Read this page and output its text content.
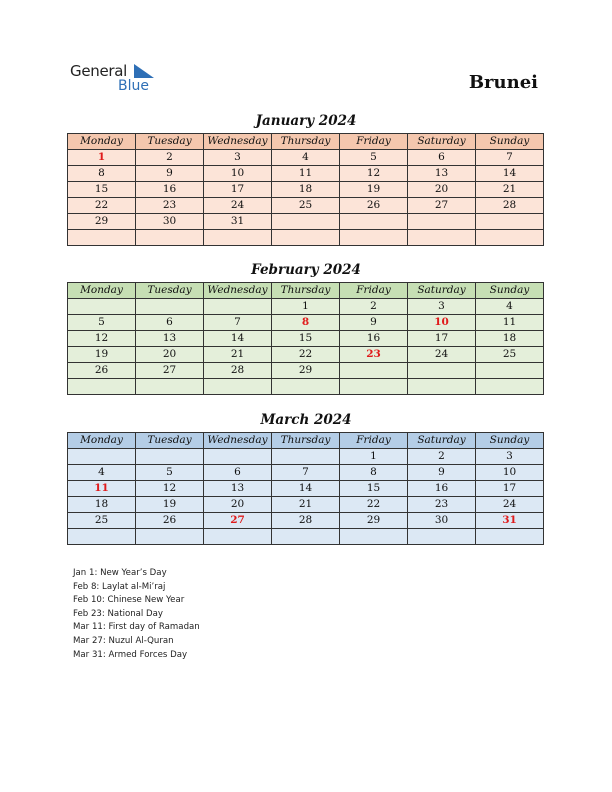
General
Blue	Brunei
January 2024
Monday	Tuesday	Wednesday	Thursday	Friday	Saturday	Sunday
1	2	3	4	5	6	7
8	9	10	11	12	13	14
15	16	17	18	19	20	21
22	23	24	25	26	27	28
29	30	31				

February 2024
Monday	Tuesday	Wednesday	Thursday	Friday	Saturday	Sunday
			1	2	3	4
5	6	7	8	9	10	11
12	13	14	15	16	17	18
19	20	21	22	23	24	25
26	27	28	29			

March 2024
Monday	Tuesday	Wednesday	Thursday	Friday	Saturday	Sunday
				1	2	3
4	5	6	7	8	9	10
11	12	13	14	15	16	17
18	19	20	21	22	23	24
25	26	27	28	29	30	31

Jan 1: New Year’s Day
Feb 8: Laylat al-Mi’raj
Feb 10: Chinese New Year
Feb 23: National Day
Mar 11: First day of Ramadan
Mar 27: Nuzul Al-Quran
Mar 31: Armed Forces Day
